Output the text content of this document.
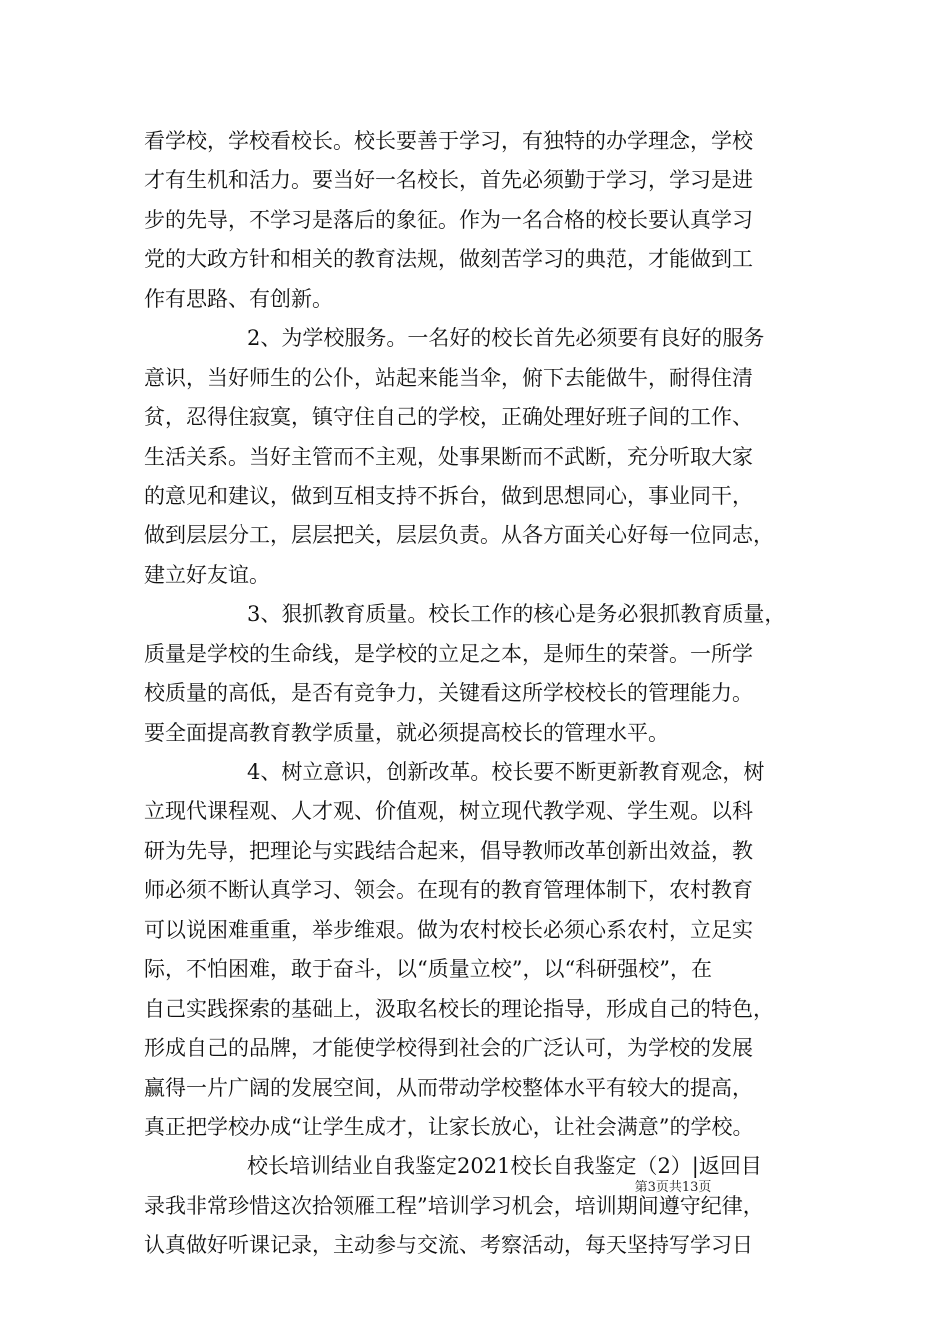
看学校，学校看校长。校长要善于学习，有独特的办学理念，学校
才有生机和活力。要当好一名校长，首先必须勤于学习，学习是进
步的先导，不学习是落后的象征。作为一名合格的校长要认真学习
党的大政方针和相关的教育法规，做刻苦学习的典范，才能做到工
作有思路、有创新。
2、为学校服务。一名好的校长首先必须要有良好的服务
意识，当好师生的公仆，站起来能当伞，俯下去能做牛，耐得住清
贫，忍得住寂寞，镇守住自己的学校，正确处理好班子间的工作、
生活关系。当好主管而不主观，处事果断而不武断，充分听取大家
的意见和建议，做到互相支持不拆台，做到思想同心，事业同干，
做到层层分工，层层把关，层层负责。从各方面关心好每一位同志，
建立好友谊。
3、狠抓教育质量。校长工作的核心是务必狠抓教育质量，
质量是学校的生命线，是学校的立足之本，是师生的荣誉。一所学
校质量的高低，是否有竞争力，关键看这所学校校长的管理能力。
要全面提高教育教学质量，就必须提高校长的管理水平。
4、树立意识，创新改革。校长要不断更新教育观念，树
立现代课程观、人才观、价值观，树立现代教学观、学生观。以科
研为先导，把理论与实践结合起来，倡导教师改革创新出效益，教
师必须不断认真学习、领会。在现有的教育管理体制下，农村教育
可以说困难重重，举步维艰。做为农村校长必须心系农村，立足实
际，不怕困难，敢于奋斗，以“质量立校”，以“科研强校”，在
自己实践探索的基础上，汲取名校长的理论指导，形成自己的特色，
形成自己的品牌，才能使学校得到社会的广泛认可，为学校的发展
赢得一片广阔的发展空间，从而带动学校整体水平有较大的提高，
真正把学校办成“让学生成才，让家长放心，让社会满意”的学校。
校长培训结业自我鉴定2021校长自我鉴定（2）|返回目
录我非常珍惜这次拾领雁工程”培训学习机会，培训期间遵守纪律，
认真做好听课记录，主动参与交流、考察活动，每天坚持写学习日
第3页共13页
